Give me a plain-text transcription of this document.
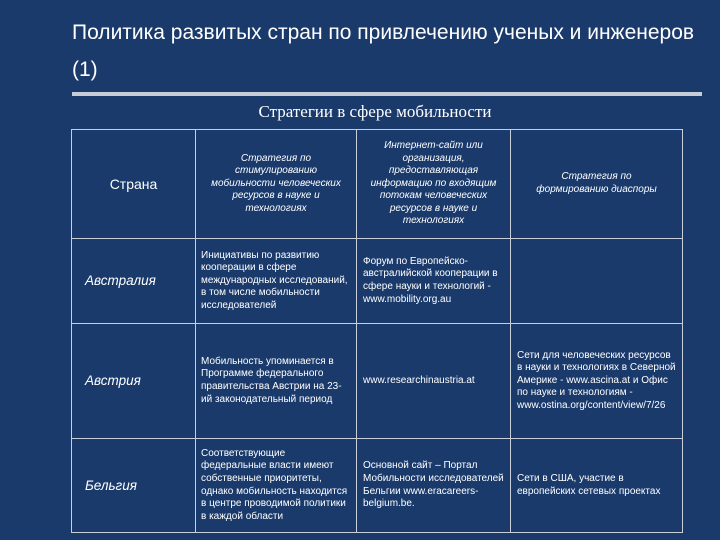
Политика развитых стран по привлечению ученых и инженеров (1)
Стратегии в сфере мобильности
Страна
Стратегия по стимулированию мобильности человеческих ресурсов в науке и технологиях
Интернет-сайт или организация, предоставляющая информацию по входящим потокам человеческих ресурсов в науке и технологиях
Стратегия по формированию диаспоры
Австралия
Инициативы по развитию кооперации в сфере международных исследований, в том числе мобильности исследователей
Форум по Европейско-австралийской кооперации в сфере науки и технологий - www.mobility.org.au
Австрия
Мобильность упоминается в Программе федерального правительства Австрии на 23-ий законодательный период
www.researchinaustria.at
Сети для человеческих ресурсов в науки и технологиях в Северной Америке - www.ascina.at и Офис по науке и технологиям - www.ostina.org/content/view/7/26
Бельгия
Соответствующие федеральные власти имеют собственные приоритеты, однако мобильность находится в центре проводимой политики в каждой области
Основной сайт – Портал Мобильности исследователей Бельгии www.eracareers-belgium.be.
Сети в США, участие в европейских сетевых проектах
